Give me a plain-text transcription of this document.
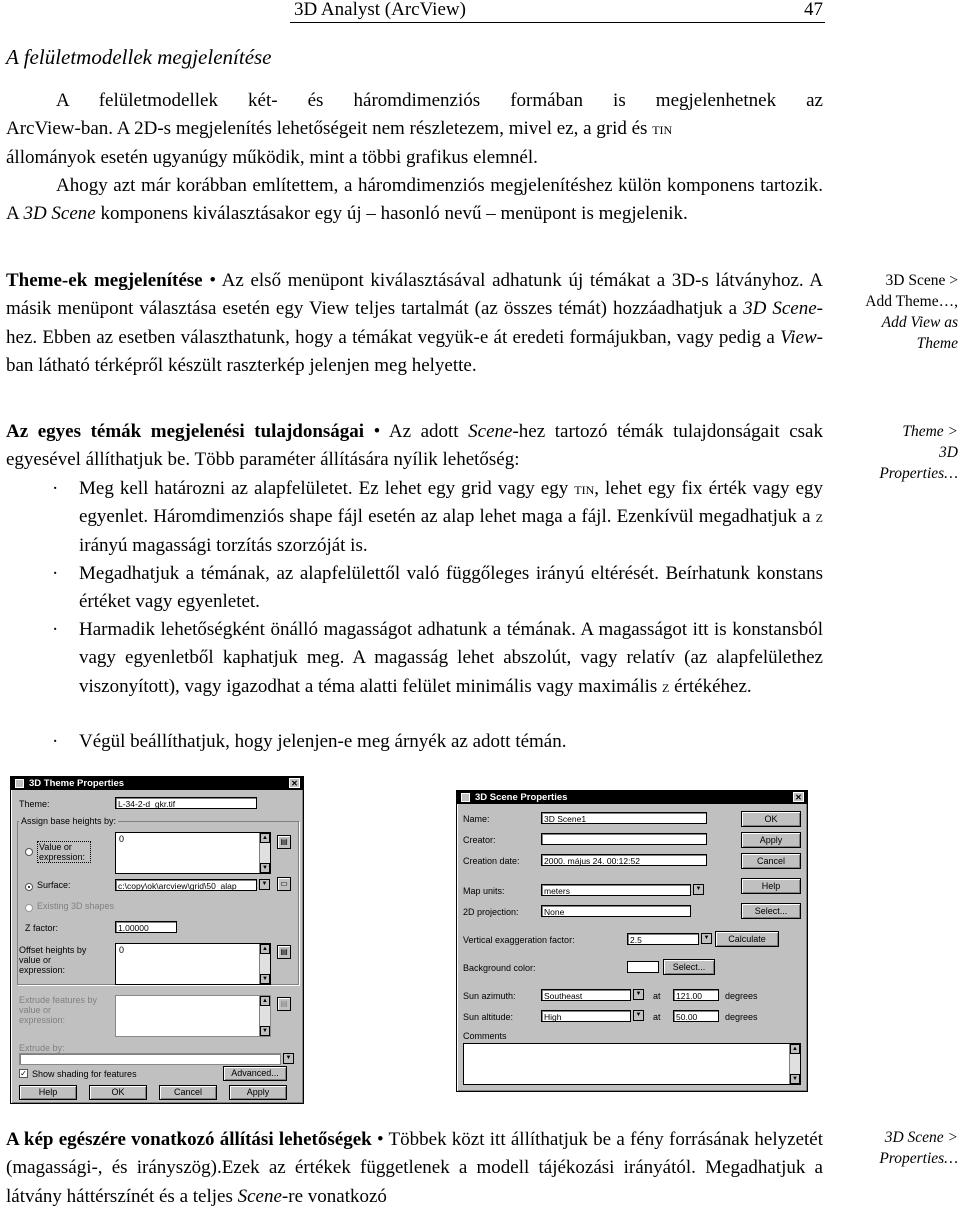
3D Analyst (ArcView)	47
A felületmodellek megjelenítése
A felületmodellek két- és háromdimenziós formában is megjelenhetnek az
ArcView-ban. A 2D-s megjelenítés lehetőségeit nem részletezem, mivel ez, a grid és tin
állományok esetén ugyanúgy működik, mint a többi grafikus elemnél.
Ahogy azt már korábban említettem, a háromdimenziós megjelenítéshez külön komponens tartozik. A 3D Scene komponens kiválasztásakor egy új – hasonló nevű – menüpont is megjelenik.
Theme-ek megjelenítése • Az első menüpont kiválasztásával adhatunk új témákat a 3D-s látványhoz. A másik menüpont választása esetén egy View teljes tartalmát (az összes témát) hozzáadhatjuk a 3D Scene-hez. Ebben az esetben választhatunk, hogy a témákat vegyük-e át eredeti formájukban, vagy pedig a View-ban látható térképről készült raszterkép jelenjen meg helyette.
3D Scene >
Add Theme…,
Add View as
Theme
Az egyes témák megjelenési tulajdonságai • Az adott Scene-hez tartozó témák tulajdonságait csak egyesével állíthatjuk be. Több paraméter állítására nyílik lehetőség:
Theme >
3D
Properties…
· Meg kell határozni az alapfelületet. Ez lehet egy grid vagy egy tin, lehet egy fix érték vagy egy egyenlet. Háromdimenziós shape fájl esetén az alap lehet maga a fájl. Ezenkívül megadhatjuk a z irányú magassági torzítás szorzóját is.
· Megadhatjuk a témának, az alapfelülettől való függőleges irányú eltérését. Beírhatunk konstans értéket vagy egyenletet.
· Harmadik lehetőségként önálló magasságot adhatunk a témának. A magasságot itt is konstansból vagy egyenletből kaphatjuk meg. A magasság lehet abszolút, vagy relatív (az alapfelülethez viszonyított), vagy igazodhat a téma alatti felület minimális vagy maximális z értékéhez.
· Végül beállíthatjuk, hogy jelenjen-e meg árnyék az adott témán.
3D Theme Properties	✕
Theme:	L-34-2-d_gkr.tif
Assign base heights by:
Value or expression:
0	▲
▼
▤
Surface:	c:\copy\ok\arcview\grid\50_alap	▼	▭
Existing 3D shapes
Z factor:	1.00000
Offset heights by value or expression:
0	▲
▼
▤
Extrude features by value or expression:
▲
▼
▤
Extrude by:
▼
✓ Show shading for features	Advanced...
Help	OK	Cancel	Apply
3D Scene Properties	✕
Name:	3D Scene1
Creator:
Creation date:	2000. május 24. 00:12:52
OK
Apply
Cancel
Help
Map units:	meters	▼
2D projection:	None	Select...
Vertical exaggeration factor:	2.5	▼	Calculate
Background color:	Select...
Sun azimuth:	Southeast	▼ at	121.00	degrees
Sun altitude:	High	▼ at	50.00	degrees
Comments
▲
▼
A kép egészére vonatkozó állítási lehetőségek • Többek közt itt állíthatjuk be a fény forrásának helyzetét (magassági-, és irányszög).Ezek az értékek függetlenek a modell tájékozási irányától. Megadhatjuk a látvány háttérszínét és a teljes Scene-re vonatkozó
3D Scene >
Properties…
